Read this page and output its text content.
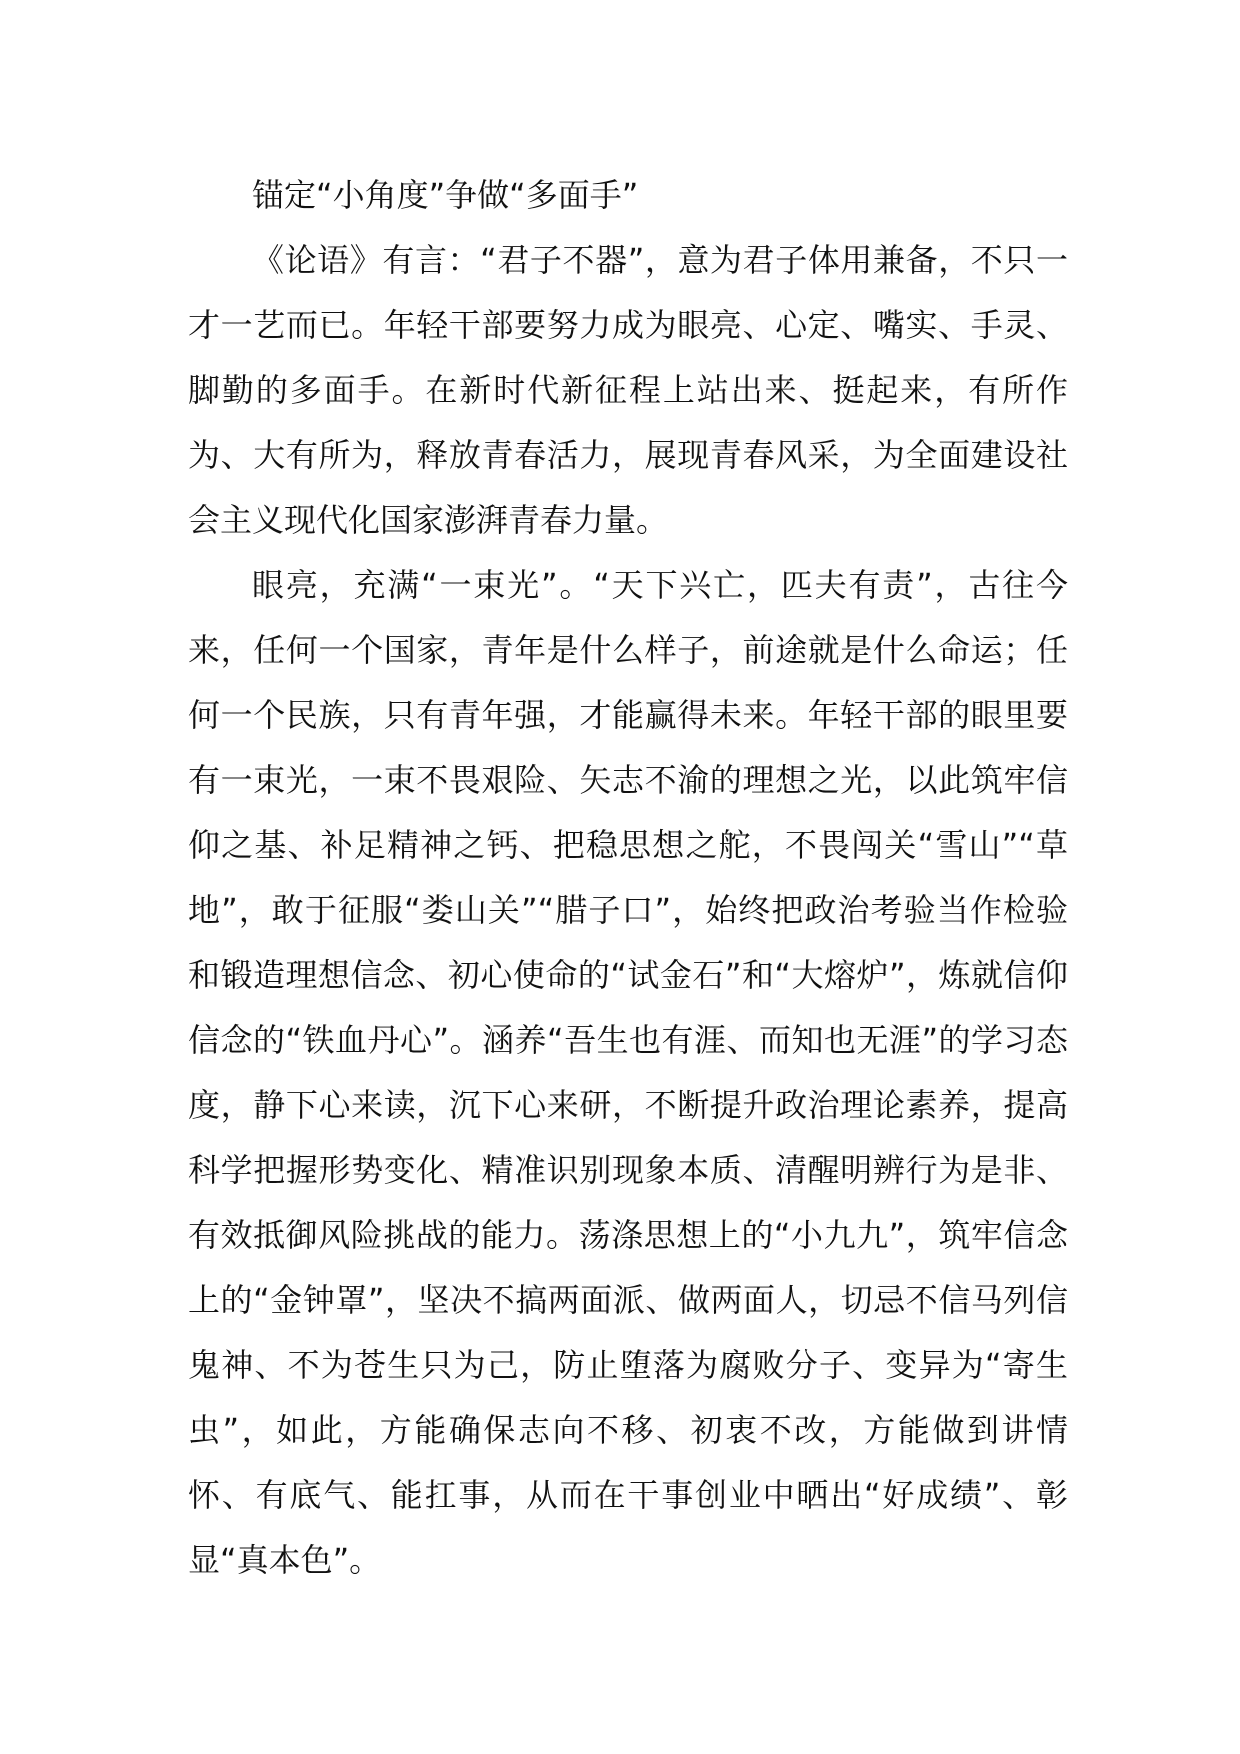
锚定“小角度”争做“多面手”

《论语》有言：“君子不器”，意为君子体用兼备，不只一才一艺而已。年轻干部要努力成为眼亮、心定、嘴实、手灵、脚勤的多面手。在新时代新征程上站出来、挺起来，有所作为、大有所为，释放青春活力，展现青春风采，为全面建设社会主义现代化国家澎湃青春力量。

眼亮，充满“一束光”。“天下兴亡，匹夫有责”，古往今来，任何一个国家，青年是什么样子，前途就是什么命运；任何一个民族，只有青年强，才能赢得未来。年轻干部的眼里要有一束光，一束不畏艰险、矢志不渝的理想之光，以此筑牢信仰之基、补足精神之钙、把稳思想之舵，不畏闯关“雪山”“草地”，敢于征服“娄山关”“腊子口”，始终把政治考验当作检验和锻造理想信念、初心使命的“试金石”和“大熔炉”，炼就信仰信念的“铁血丹心”。涵养“吾生也有涯、而知也无涯”的学习态度，静下心来读，沉下心来研，不断提升政治理论素养，提高科学把握形势变化、精准识别现象本质、清醒明辨行为是非、有效抵御风险挑战的能力。荡涤思想上的“小九九”，筑牢信念上的“金钟罩”，坚决不搞两面派、做两面人，切忌不信马列信鬼神、不为苍生只为己，防止堕落为腐败分子、变异为“寄生虫”，如此，方能确保志向不移、初衷不改，方能做到讲情怀、有底气、能扛事，从而在干事创业中晒出“好成绩”、彰显“真本色”。
